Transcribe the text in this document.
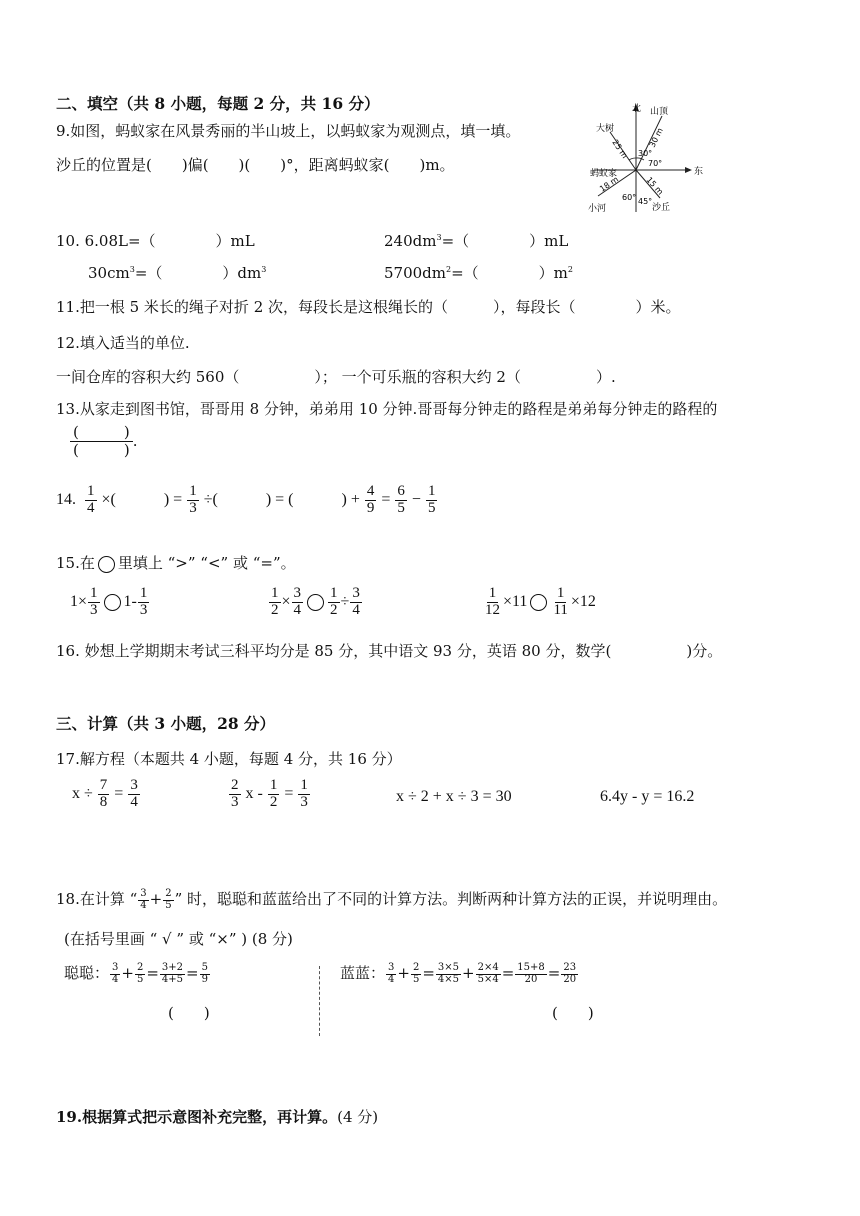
二、填空（共 8 小题，每题 2 分，共 16 分）
9.如图，蚂蚁家在风景秀丽的半山坡上，以蚂蚁家为观测点，填一填。
沙丘的位置是(　　)偏(　　)(　　)°，距离蚂蚁家(　　)m。
北
东
山顶
大树
蚂蚁家
小河	沙丘
30 m
25 m
18 m	15 m
30°
70°
60° 45°
10. 6.08L=（　　　　）mL	$240dm^3=$（　　　　）mL
$30cm^3=$（　　　　）$dm^3$	$5700dm^2=$（　　　　）$m^2$
11.把一根 5 米长的绳子对折 2 次，每段长是这根绳长的（　　　），每段长（　　　　）米。
12.填入适当的单位.
一间仓库的容积大约 560（　　　　　）； 一个可乐瓶的容积大约 2（　　　　　）.
13.从家走到图书馆，哥哥用 8 分钟，弟弟用 10 分钟.哥哥每分钟走的路程是弟弟每分钟走的路程的
(　　　)
(　　　)
.
14. $\frac{1}{4}$ ×(　　　) = $\frac{1}{3}$ ÷(　　　) = (　　　) + $\frac{4}{9} = \frac{6}{5} - \frac{1}{5}$
15.在 里填上 “>” “<” 或 “=”。
$1\times \frac{1}{3} 1- \frac{1}{3}$	$\frac{1}{2} \times \frac{3}{4} \frac{1}{2} \div \frac{3}{4}$	$\frac{1}{12} \times 11 \frac{1}{11} \times 12$
16. 妙想上学期期末考试三科平均分是 85 分，其中语文 93 分，英语 80 分，数学(　　　　　)分。
三、计算（共 3 小题，28 分）
17.解方程（本题共 4 小题，每题 4 分，共 16 分）
$x \div \frac{7}{8} = \frac{3}{4}$	$\frac{2}{3}$ $x - \frac{1}{2} = \frac{1}{3}$	x ÷ 2 + x ÷ 3 = 30	6.4y - y = 16.2
18.在计算 “ $\frac{3}{4} + \frac{2}{5}$ ” 时，聪聪和蓝蓝给出了不同的计算方法。判断两种计算方法的正误，并说明理由。
(在括号里画 “ √ ” 或 “×” ) (8 分)
聪聪： $\frac{3}{4} + \frac{2}{5} = \frac{3+2}{4+5} = \frac{5}{9}$
(　　)
蓝蓝： $\frac{3}{4} + \frac{2}{5} = \frac{3\times 5}{4\times 5} + \frac{2\times 4}{5\times 4} = \frac{15+8}{20} = \frac{23}{20}$
(　　)
19.根据算式把示意图补充完整，再计算。(4 分)
